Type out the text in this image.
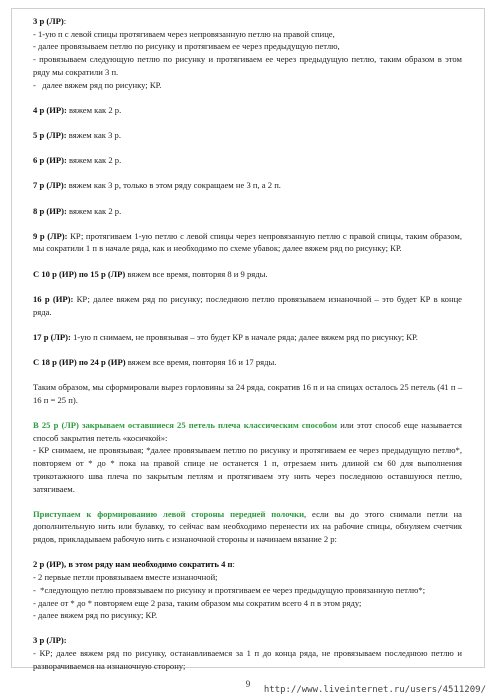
3 р (ЛР):

- 1-ую п с левой спицы протягиваем через непровязанную петлю на правой спице,

- далее провязываем петлю по рисунку и протягиваем ее через предыдущую петлю,

- провязываем следующую петлю по рисунку и протягиваем ее через предыдущую петлю, таким образом в этом ряду мы сократили 3 п.

-   далее вяжем ряд по рисунку; КР.

4 р (ИР): вяжем как 2 р.

5 р (ЛР): вяжем как 3 р.

6 р (ИР): вяжем как 2 р.

7 р (ЛР): вяжем как 3 р, только в этом ряду сокращаем не 3 п, а 2 п.

8 р (ИР): вяжем как 2 р.

9 р (ЛР): КР; протягиваем 1-ую петлю с левой спицы через непровязанную петлю с правой спицы, таким образом, мы сократили 1 п в начале ряда, как и необходимо по схеме убавок; далее вяжем ряд по рисунку; КР.

С 10 р (ИР) по 15 р (ЛР) вяжем все время, повторяя 8 и 9 ряды.

16 р (ИР): КР; далее вяжем ряд по рисунку; последнюю петлю провязываем изнаночной – это будет КР в конце ряда.

17 р (ЛР): 1-ую п снимаем, не провязывая – это будет КР в начале ряда; далее вяжем ряд по рисунку; КР.

С 18 р (ИР) по 24 р (ИР) вяжем все время, повторяя 16 и 17 ряды.

Таким образом, мы сформировали вырез горловины за 24 ряда, сократив 16 п и на спицах осталось 25 петель (41 п – 16 п = 25 п).

В 25 р (ЛР) закрываем оставшиеся 25 петель плеча классическим способом или этот способ еще называется способ закрытия петель «косичкой»:

- КР снимаем, не провязывая; *далее провязываем петлю по рисунку и протягиваем ее через предыдущую петлю*, повторяем от * до * пока на правой спице не останется 1 п, отрезаем нить длиной см 60 для выполнения трикотажного шва плеча по закрытым петлям и протягиваем эту нить через последнюю оставшуюся петлю, затягиваем.

Приступаем к формированию левой стороны передней полочки, если вы до этого снимали петли на дополнительную нить или булавку, то сейчас вам необходимо перенести их на рабочие спицы, обнуляем счетчик рядов, прикладываем рабочую нить с изнаночной стороны и начинаем вязание 2 р:

2 р (ИР), в этом ряду нам необходимо сократить 4 п:

- 2 первые петли провязываем вместе изнаночной;

-  *следующую петлю провязываем по рисунку и протягиваем ее через предыдущую провязанную петлю*;

- далее от * до * повторяем еще 2 раза, таким образом мы сократим всего 4 п в этом ряду;

- далее вяжем ряд по рисунку; КР.

3 р (ЛР):

- КР; далее вяжем ряд по рисунку, останавливаемся за 1 п до конца ряда, не провязываем последнюю петлю и разворачиваемся на изнаночную сторону;

9
http://www.liveinternet.ru/users/4511209/
